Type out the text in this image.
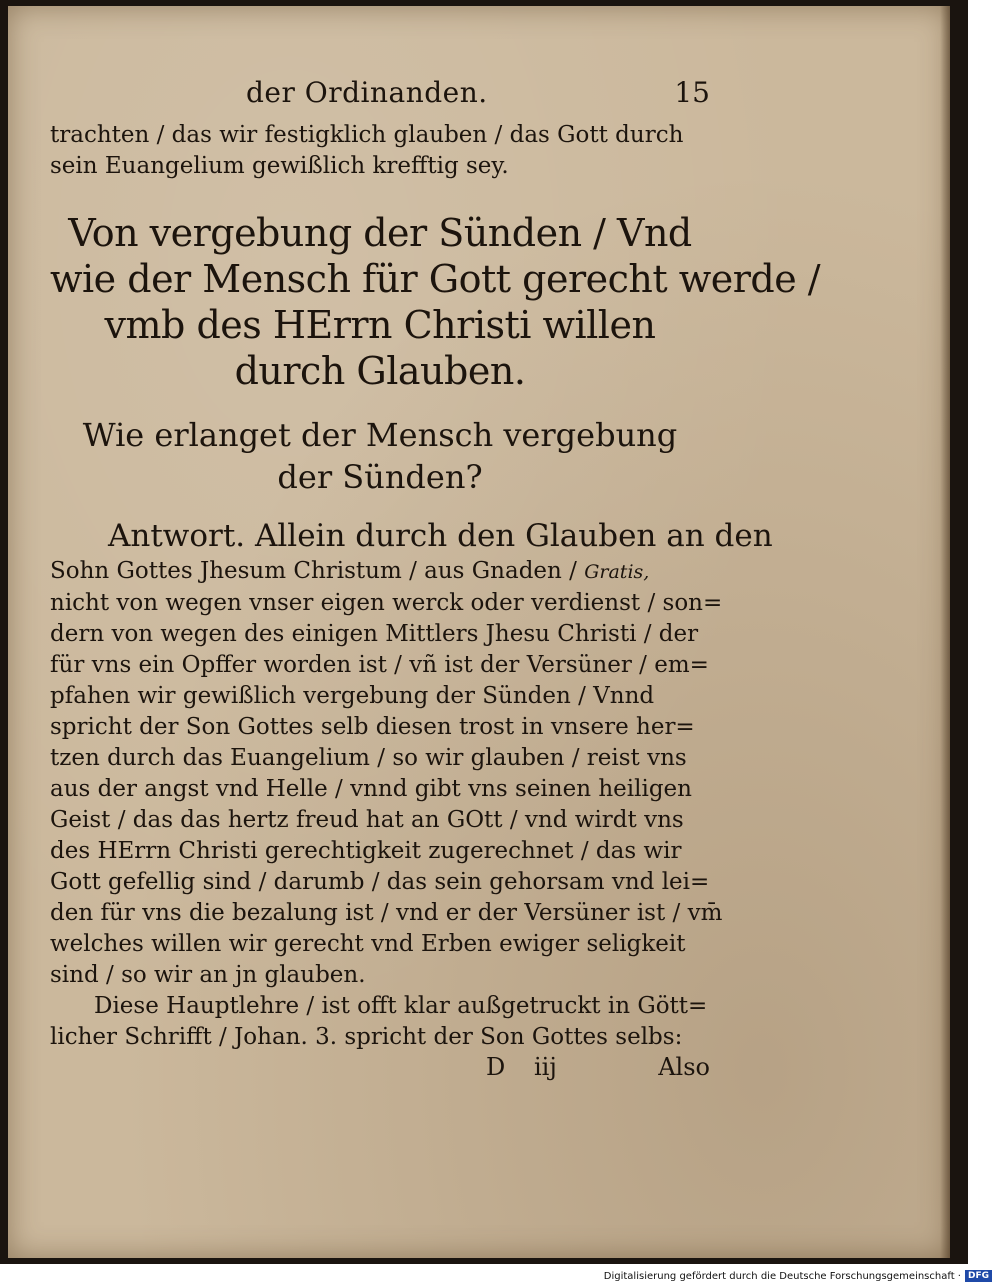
der Ordinanden.	15
trachten / das wir festigklich glauben / das Gott durch
sein Euangelium gewißlich krefftig sey.
Von vergebung der Sünden / Vnd
wie der Mensch für Gott gerecht werde /
vmb des HErrn Christi willen
durch Glauben.
Wie erlanget der Mensch vergebung
der Sünden?
Antwort. Allein durch den Glauben an den
Sohn Gottes Jhesum Christum / aus Gnaden / Gratis,
nicht von wegen vnser eigen werck oder verdienst / son=
dern von wegen des einigen Mittlers Jhesu Christi / der
für vns ein Opffer worden ist / vñ ist der Versüner / em=
pfahen wir gewißlich vergebung der Sünden / Vnnd
spricht der Son Gottes selb diesen trost in vnsere her=
tzen durch das Euangelium / so wir glauben / reist vns
aus der angst vnd Helle / vnnd gibt vns seinen heiligen
Geist / das das hertz freud hat an GOtt / vnd wirdt vns
des HErrn Christi gerechtigkeit zugerechnet / das wir
Gott gefellig sind / darumb / das sein gehorsam vnd lei=
den für vns die bezalung ist / vnd er der Versüner ist / vm̄
welches willen wir gerecht vnd Erben ewiger seligkeit
sind / so wir an jn glauben.
Diese Hauptlehre / ist offt klar außgetruckt in Gött=
licher Schrifft / Johan. 3. spricht der Son Gottes selbs:
D iij	Also
Digitalisierung gefördert durch die Deutsche Forschungsgemeinschaft · DFG
